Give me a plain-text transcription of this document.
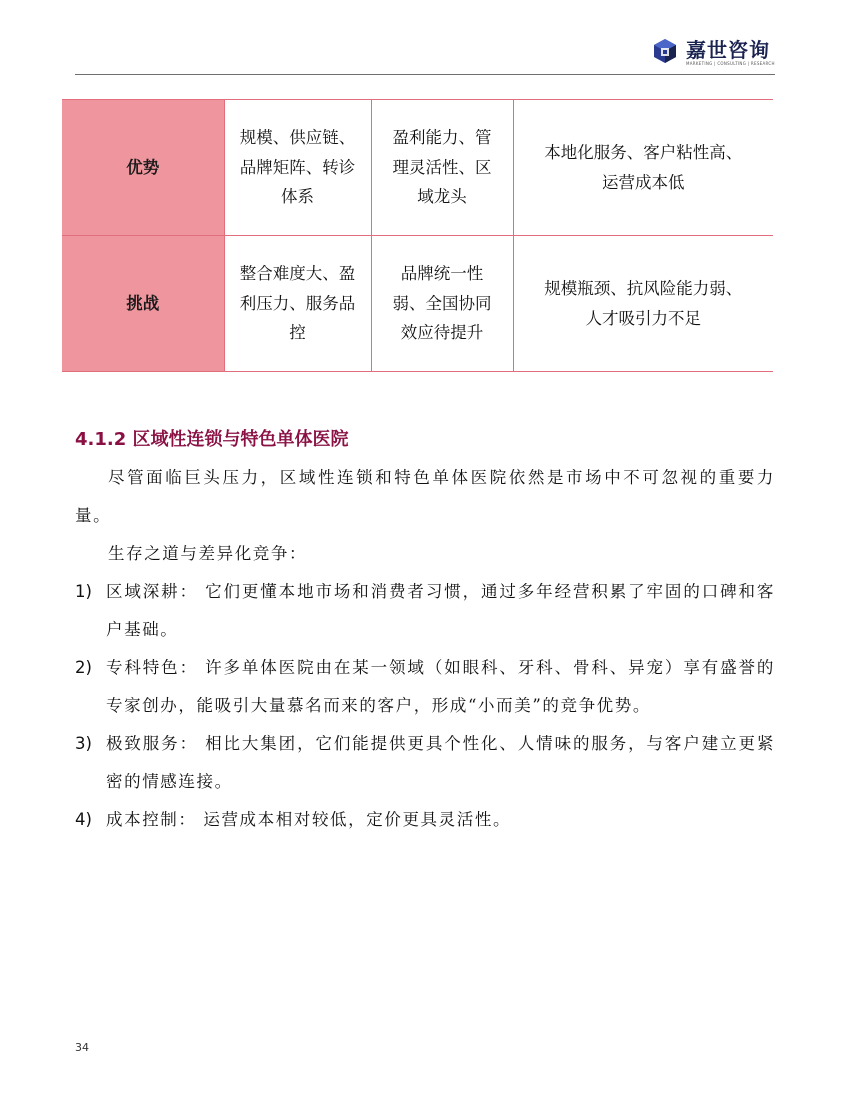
嘉世咨询
MARKETING | CONSULTING | RESEARCH
优势	规模、供应链、品牌矩阵、转诊体系	盈利能力、管理灵活性、区域龙头	本地化服务、客户粘性高、运营成本低
挑战	整合难度大、盈利压力、服务品控	品牌统一性弱、全国协同效应待提升	规模瓶颈、抗风险能力弱、人才吸引力不足
4.1.2 区域性连锁与特色单体医院
尽管面临巨头压力，区域性连锁和特色单体医院依然是市场中不可忽视的重要力量。
生存之道与差异化竞争：
1) 区域深耕： 它们更懂本地市场和消费者习惯，通过多年经营积累了牢固的口碑和客户基础。
2) 专科特色： 许多单体医院由在某一领域（如眼科、牙科、骨科、异宠）享有盛誉的专家创办，能吸引大量慕名而来的客户，形成“小而美”的竞争优势。
3) 极致服务： 相比大集团，它们能提供更具个性化、人情味的服务，与客户建立更紧密的情感连接。
4) 成本控制： 运营成本相对较低，定价更具灵活性。
34
